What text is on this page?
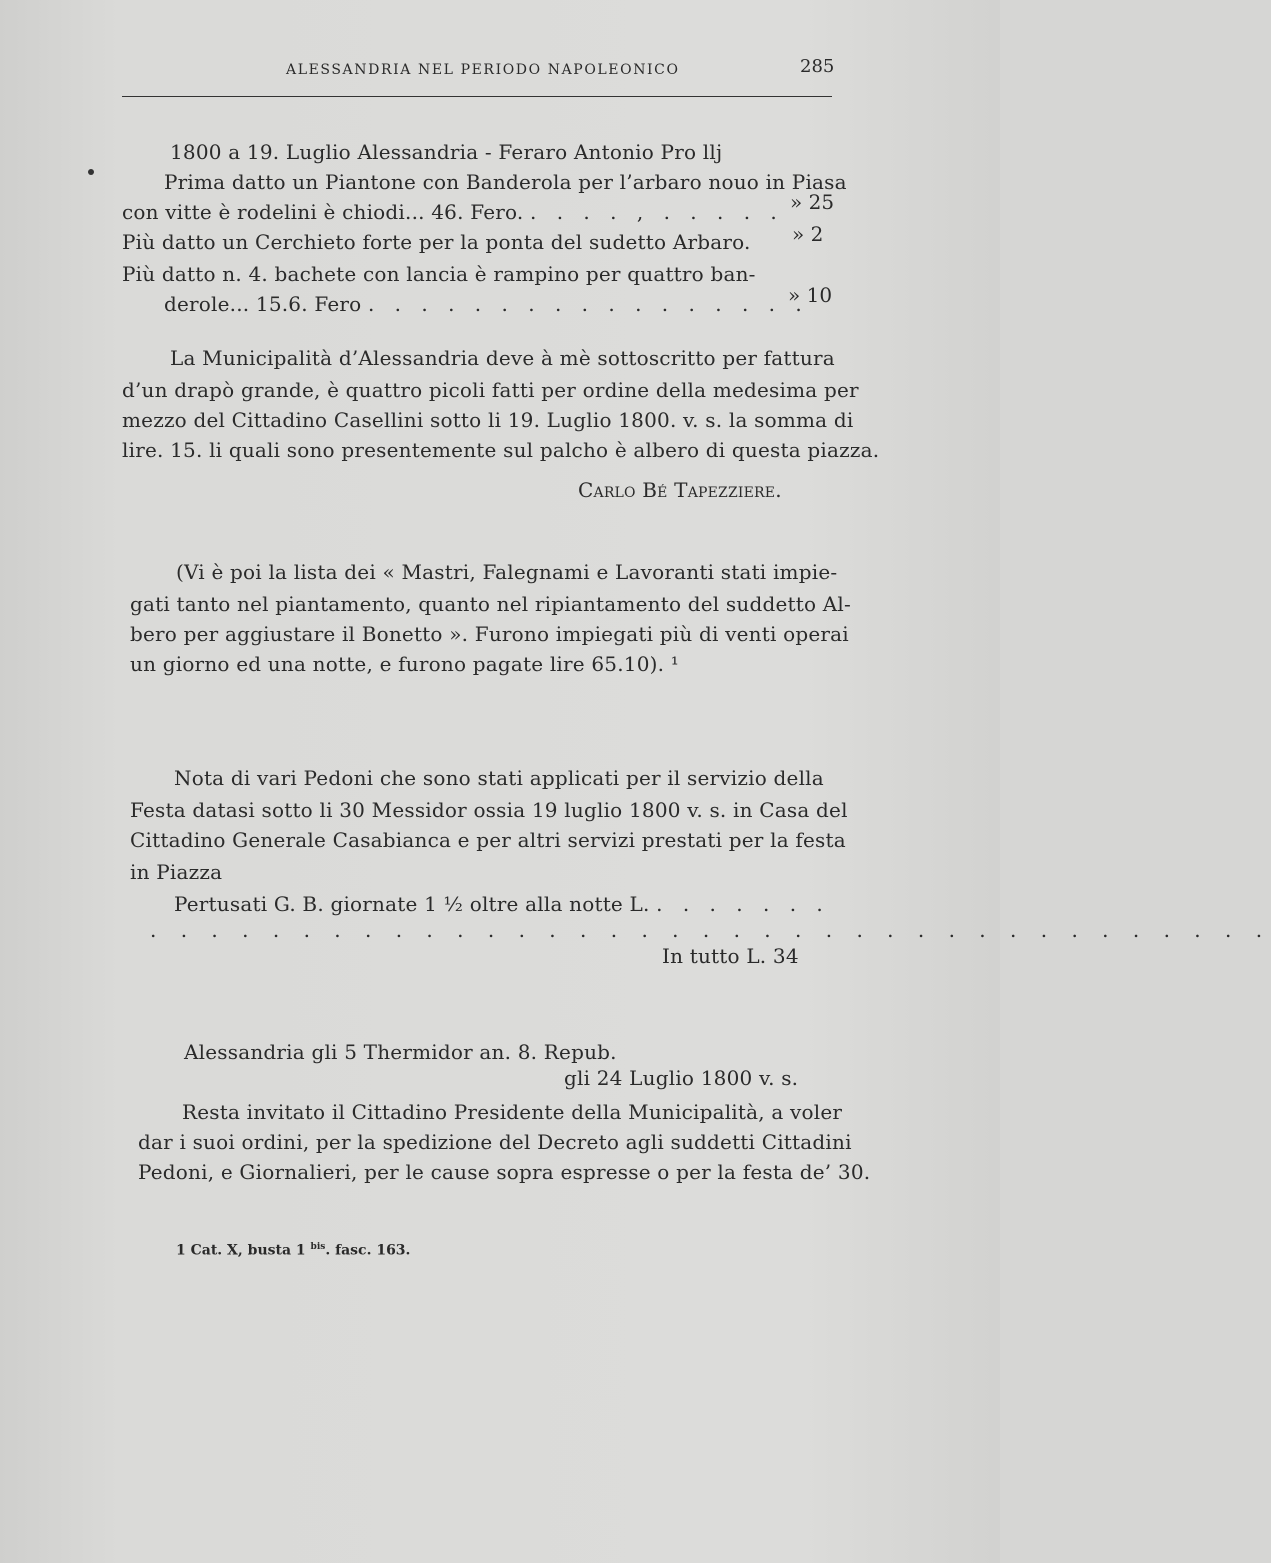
ALESSANDRIA NEL PERIODO NAPOLEONICO	285
1800 a 19. Luglio Alessandria - Feraro Antonio Pro llj
Prima datto un Piantone con Banderola per l’arbaro nouo in Piasa
con vitte è rodelini è chiodi... 46. Fero. . . . . , . . . . . » 25
Più datto un Cerchieto forte per la ponta del sudetto Arbaro. » 2
Più datto n. 4. bachete con lancia è rampino per quattro ban-
derole... 15.6. Fero . . . . . . . . . . . . . . . . .
» 10
La Municipalità d’Alessandria deve à mè sottoscritto per fattura
d’un drapò grande, è quattro picoli fatti per ordine della medesima per
mezzo del Cittadino Casellini sotto li 19. Luglio 1800. v. s. la somma di
lire. 15. li quali sono presentemente sul palcho è albero di questa piazza.
Carlo Bé Tapezziere.
(Vi è poi la lista dei « Mastri, Falegnami e Lavoranti stati impie-
gati tanto nel piantamento, quanto nel ripiantamento del suddetto Al-
bero per aggiustare il Bonetto ». Furono impiegati più di venti operai
un giorno ed una notte, e furono pagate lire 65.10). ¹
Nota di vari Pedoni che sono stati applicati per il servizio della
Festa datasi sotto li 30 Messidor ossia 19 luglio 1800 v. s. in Casa del
Cittadino Generale Casabianca e per altri servizi prestati per la festa
in Piazza
Pertusati G. B. giornate 1 ½ oltre alla notte L. . . . . . . .
. . . . . . . . . . . . . . . . . . . . . . . . . . . . . . . . . . . . .
In tutto L. 34
Alessandria gli 5 Thermidor an. 8. Repub.
gli 24 Luglio 1800 v. s.
Resta invitato il Cittadino Presidente della Municipalità, a voler
dar i suoi ordini, per la spedizione del Decreto agli suddetti Cittadini
Pedoni, e Giornalieri, per le cause sopra espresse o per la festa de’ 30.
1 Cat. X, busta 1 $^{bis}$. fasc. 163.
